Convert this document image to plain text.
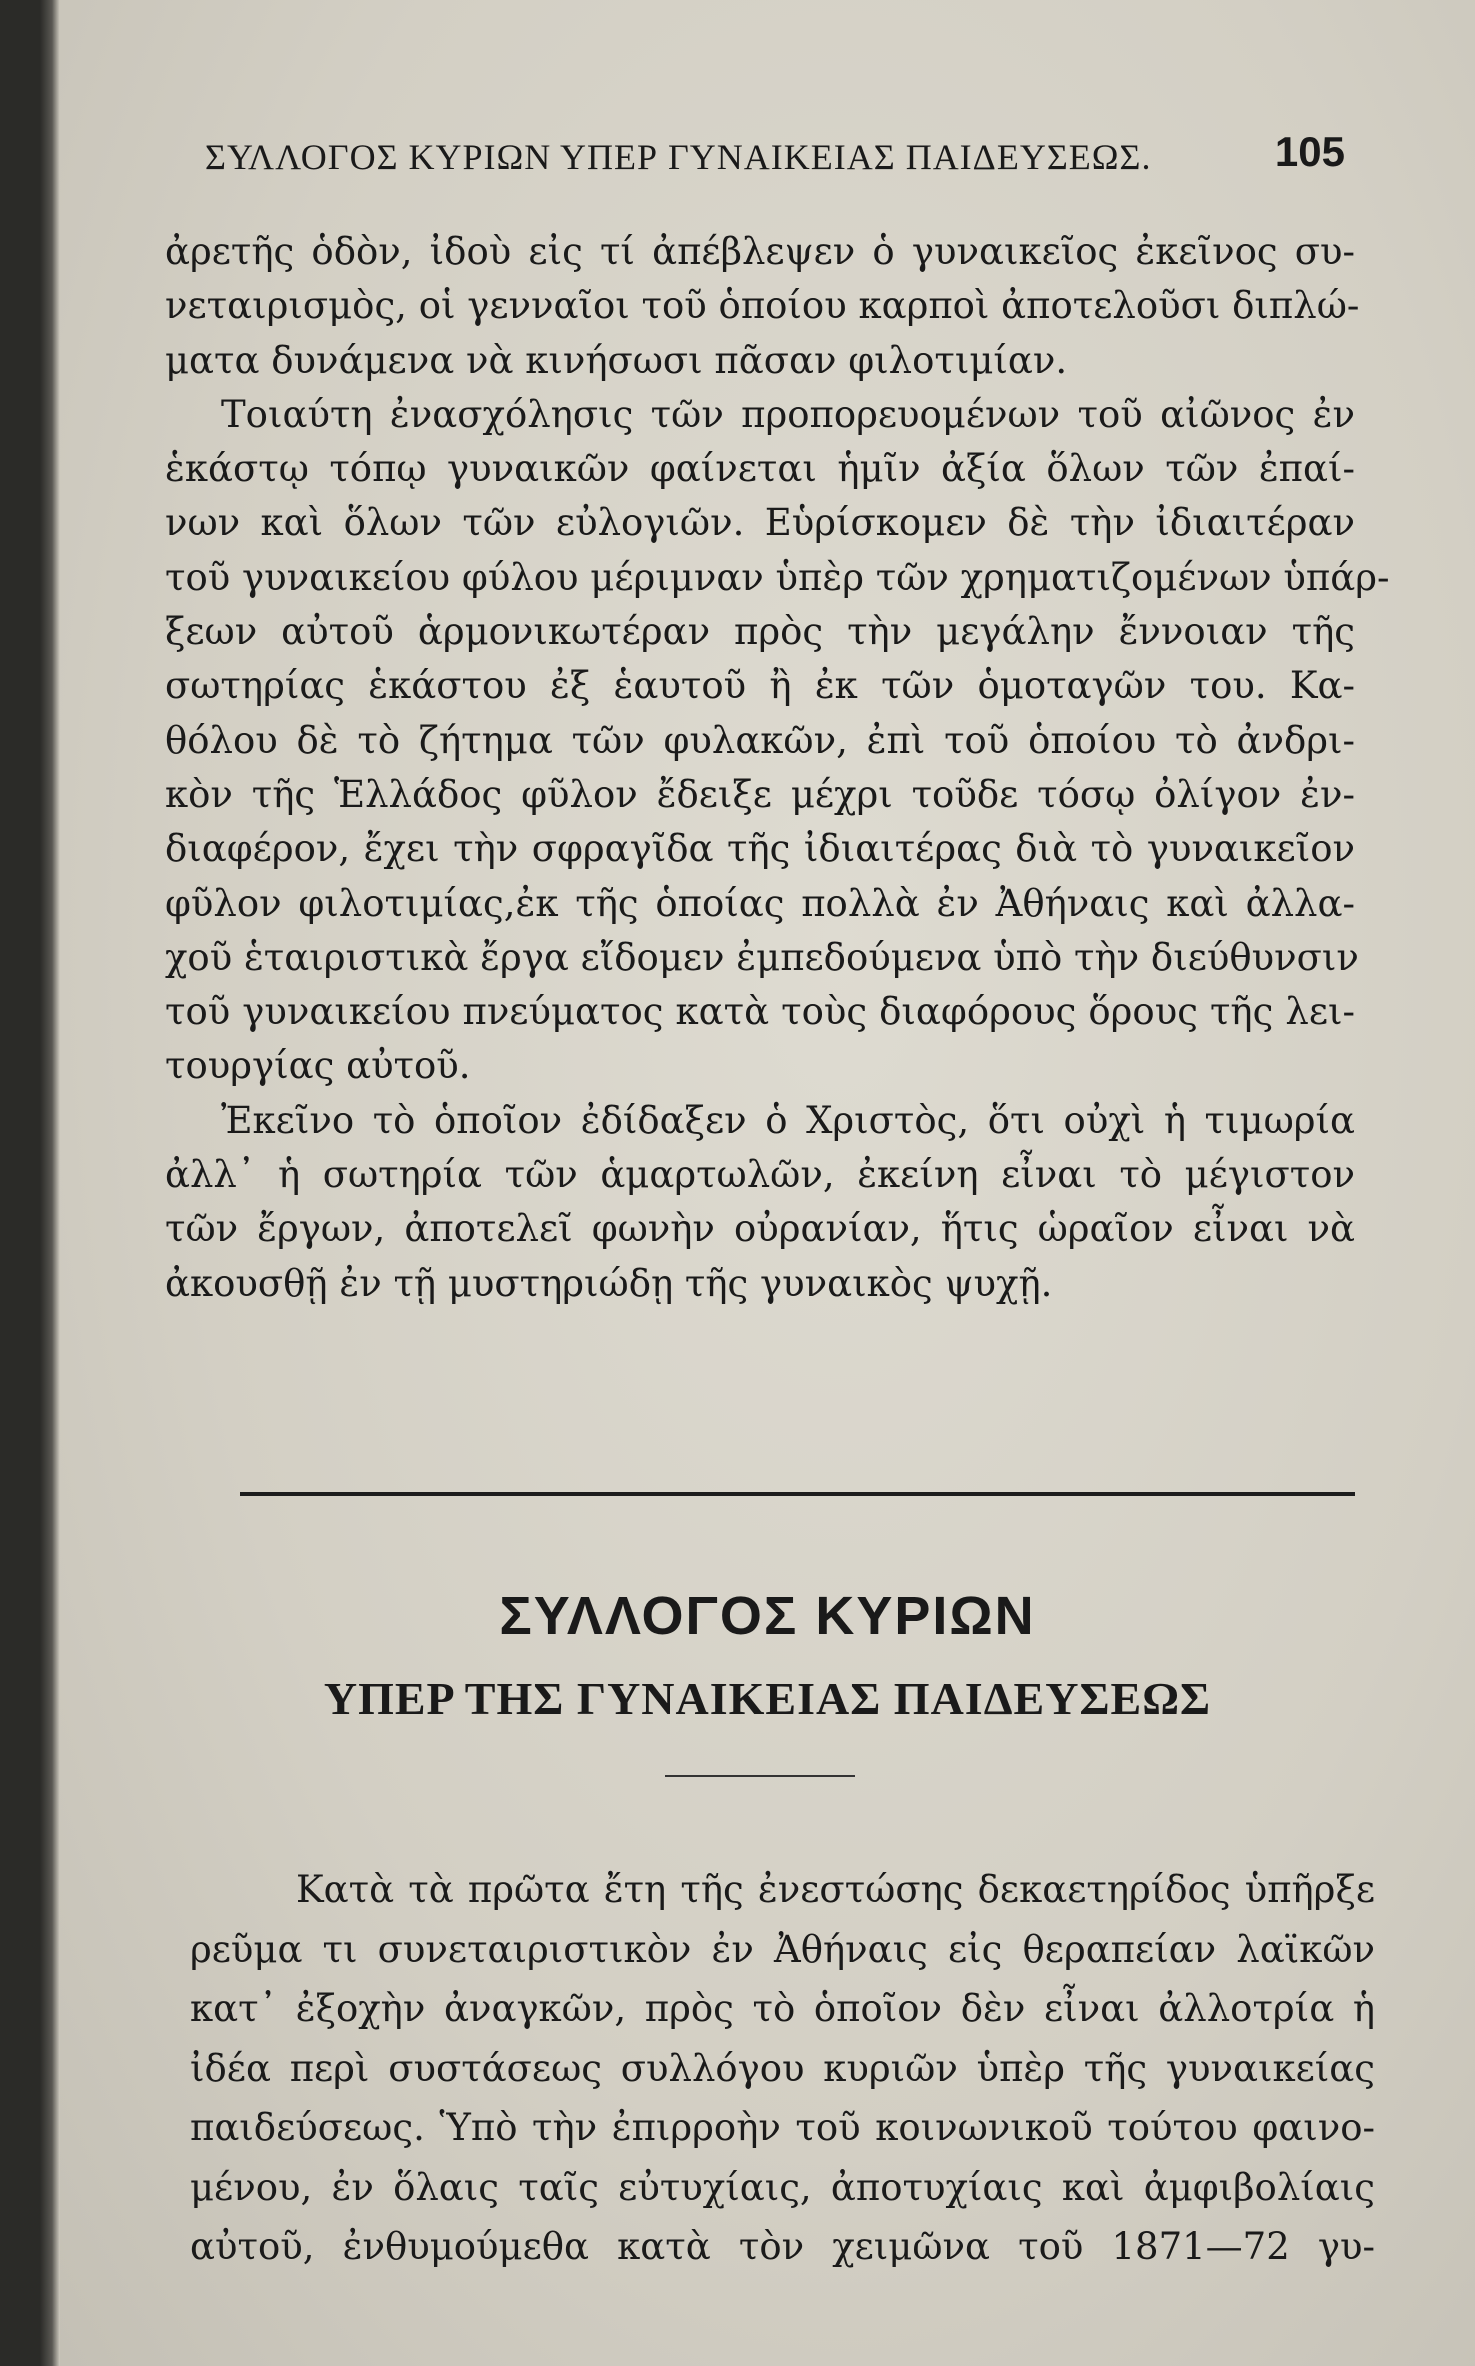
ΣΥΛΛΟΓΟΣ ΚΥΡΙΩΝ ΥΠΕΡ ΓΥΝΑΙΚΕΙΑΣ ΠΑΙΔΕΥΣΕΩΣ.	105
ἀρετῆς ὁδὸν, ἰδοὺ εἰς τί ἀπέβλεψεν ὁ γυναικεῖος ἐκεῖνος συ-
νεταιρισμὸς, οἱ γενναῖοι τοῦ ὁποίου καρποὶ ἀποτελοῦσι διπλώ-
ματα δυνάμενα νὰ κινήσωσι πᾶσαν φιλοτιμίαν.
Τοιαύτη ἐνασχόλησις τῶν προπορευομένων τοῦ αἰῶνος ἐν
ἑκάστῳ τόπῳ γυναικῶν φαίνεται ἡμῖν ἀξία ὅλων τῶν ἐπαί-
νων καὶ ὅλων τῶν εὐλογιῶν. Εὑρίσκομεν δὲ τὴν ἰδιαιτέραν
τοῦ γυναικείου φύλου μέριμναν ὑπὲρ τῶν χρηματιζομένων ὑπάρ-
ξεων αὐτοῦ ἁρμονικωτέραν πρὸς τὴν μεγάλην ἔννοιαν τῆς
σωτηρίας ἑκάστου ἐξ ἑαυτοῦ ἢ ἐκ τῶν ὁμοταγῶν του. Κα-
θόλου δὲ τὸ ζήτημα τῶν φυλακῶν, ἐπὶ τοῦ ὁποίου τὸ ἀνδρι-
κὸν τῆς Ἑλλάδος φῦλον ἔδειξε μέχρι τοῦδε τόσῳ ὀλίγον ἐν-
διαφέρον, ἔχει τὴν σφραγῖδα τῆς ἰδιαιτέρας διὰ τὸ γυναικεῖον
φῦλον φιλοτιμίας,ἐκ τῆς ὁποίας πολλὰ ἐν Ἀθήναις καὶ ἀλλα-
χοῦ ἑταιριστικὰ ἔργα εἴδομεν ἐμπεδούμενα ὑπὸ τὴν διεύθυνσιν
τοῦ γυναικείου πνεύματος κατὰ τοὺς διαφόρους ὅρους τῆς λει-
τουργίας αὐτοῦ.
Ἐκεῖνο τὸ ὁποῖον ἐδίδαξεν ὁ Χριστὸς, ὅτι οὐχὶ ἡ τιμωρία
ἀλλ᾽ ἡ σωτηρία τῶν ἁμαρτωλῶν, ἐκείνη εἶναι τὸ μέγιστον
τῶν ἔργων, ἀποτελεῖ φωνὴν οὐρανίαν, ἥτις ὡραῖον εἶναι νὰ
ἀκουσθῇ ἐν τῇ μυστηριώδῃ τῆς γυναικὸς ψυχῇ.
ΣΥΛΛΟΓΟΣ ΚΥΡΙΩΝ
ΥΠΕΡ ΤΗΣ ΓΥΝΑΙΚΕΙΑΣ ΠΑΙΔΕΥΣΕΩΣ
Κατὰ τὰ πρῶτα ἔτη τῆς ἐνεστώσης δεκαετηρίδος ὑπῆρξε
ρεῦμα τι συνεταιριστικὸν ἐν Ἀθήναις εἰς θεραπείαν λαϊκῶν
κατ᾽ ἐξοχὴν ἀναγκῶν, πρὸς τὸ ὁποῖον δὲν εἶναι ἀλλοτρία ἡ
ἰδέα περὶ συστάσεως συλλόγου κυριῶν ὑπὲρ τῆς γυναικείας
παιδεύσεως. Ὑπὸ τὴν ἐπιρροὴν τοῦ κοινωνικοῦ τούτου φαινο-
μένου, ἐν ὅλαις ταῖς εὐτυχίαις, ἀποτυχίαις καὶ ἀμφιβολίαις
αὐτοῦ, ἐνθυμούμεθα κατὰ τὸν χειμῶνα τοῦ 1871—72 γυ-
